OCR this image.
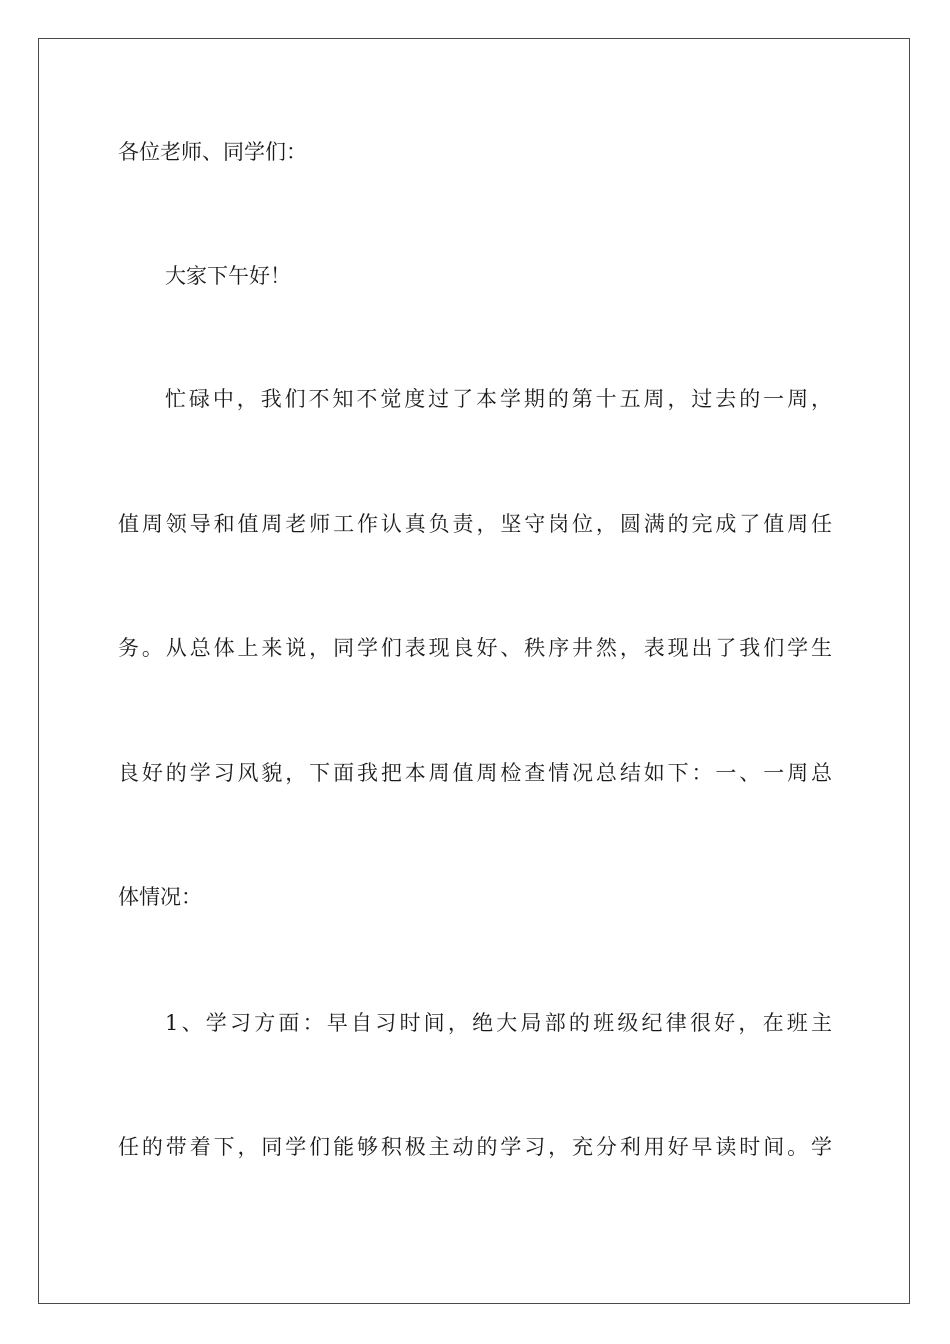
各位老师、同学们：

大家下午好！

忙碌中，我们不知不觉度过了本学期的第十五周，过去的一周，

值周领导和值周老师工作认真负责，坚守岗位，圆满的完成了值周任

务。从总体上来说，同学们表现良好、秩序井然，表现出了我们学生

良好的学习风貌，下面我把本周值周检查情况总结如下：一、一周总

体情况：

1、学习方面：早自习时间，绝大局部的班级纪律很好，在班主

任的带着下，同学们能够积极主动的学习，充分利用好早读时间。学
